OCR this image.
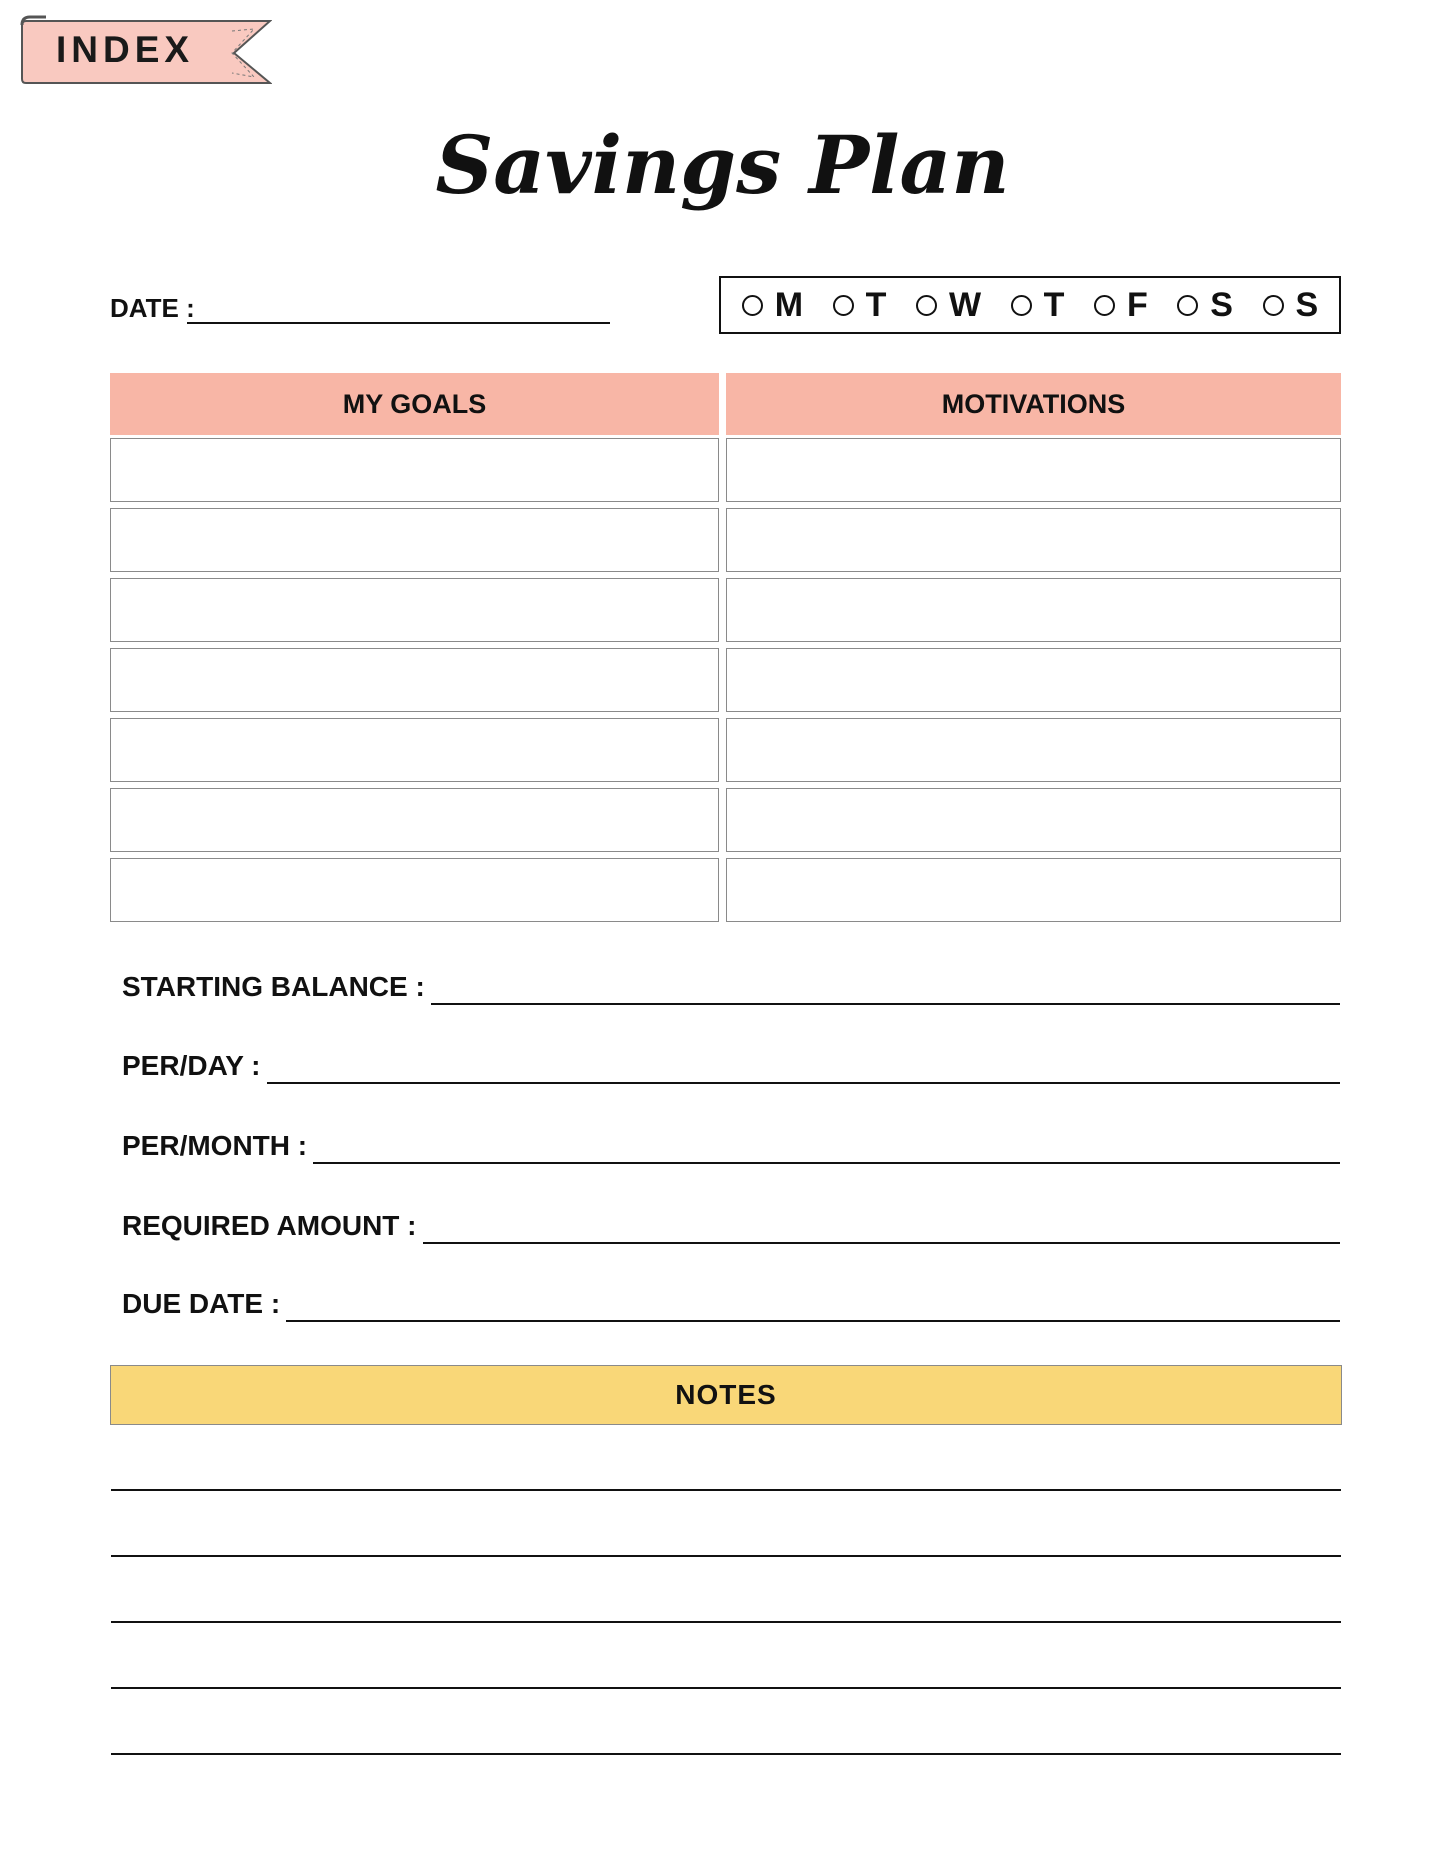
INDEX
Savings Plan
DATE :	M T W T F S S
MY GOALS	MOTIVATIONS
STARTING BALANCE :
PER/DAY :
PER/MONTH :
REQUIRED AMOUNT :
DUE DATE :
NOTES
